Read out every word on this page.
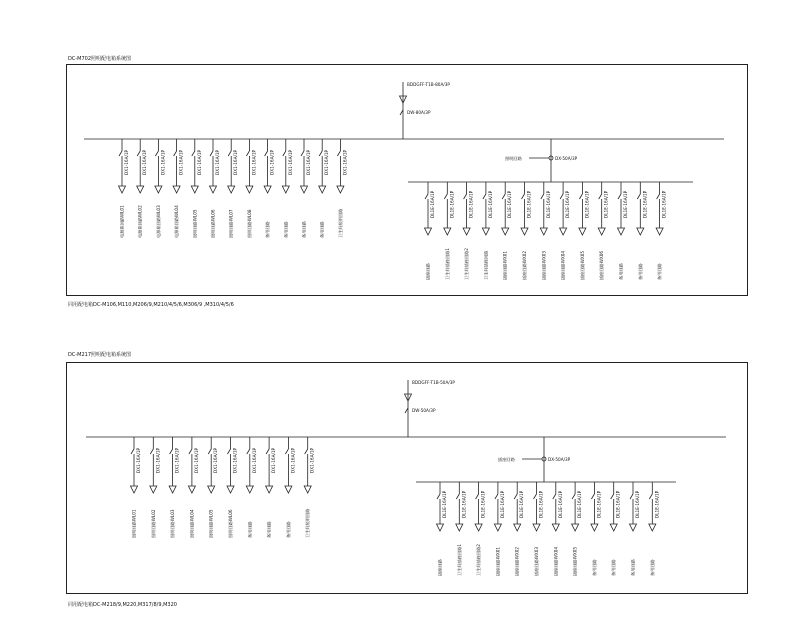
DC-M702照明配电箱系统图
同用配电箱DC-M106,M110,M206/9,M210/4/5/6,M306/9 ,M310/4/5/6
BDDGFF-T1B-80A/3P
DW-80A/3P
DX1-16A/1P
电源箱回路WL01
DX1-16A/1P
电源箱回路WL02
DX1-16A/1P
电源箱回路WL03
DX1-16A/1P
电源箱回路WL04
DX1-16A/1P
照明回路WL05
DX1-16A/1P
照明回路WL06
DX1-16A/1P
照明回路WL07
DX1-16A/1P
照明回路WL08
DX1-16A/1P
备用回路
DX1-16A/1P
备用回路
DX1-16A/1P
备用回路
DX1-16A/1P
备用回路
DX1-16A/1P
卫生间照明回路
照明回路	DX-50A/3P
DL1E-16A/1P
插座回路
DL1E-16A/1P
卫生间插座回路1
DL1E-16A/1P
卫生间插座回路2
DL1E-16A/1P
卫生间插座回路
DL1E-16A/1P
插座回路WX01
DL1E-16A/1P
插座回路WX02
DL1E-16A/1P
插座回路WX03
DL1E-16A/1P
插座回路WX04
DL1E-16A/1P
插座回路WX05
DL1E-16A/1P
插座回路WX06
DL1E-16A/1P
备用回路
DL1E-16A/1P
备用回路
DL1E-16A/1P
备用回路
DC-M217照明配电箱系统图
同用配电箱DC-M218/9,M220,M317/8/9,M320
BDDGFF-T1B-50A/3P
DW-50A/3P
DX1-16A/1P
照明回路WL01
DX1-16A/1P
照明回路WL02
DX1-16A/1P
照明回路WL03
DX1-16A/1P
照明回路WL04
DX1-16A/1P
照明回路WL05
DX1-16A/1P
照明回路WL06
DX1-16A/1P
备用回路
DX1-16A/1P
备用回路
DX1-16A/1P
备用回路
DX1-16A/1P
卫生间照明回路
插座回路	DX-50A/3P
DL1E-16A/1P
插座回路
DL1E-16A/1P
卫生间插座回路1
DL1E-16A/1P
卫生间插座回路2
DL1E-16A/1P
插座回路WX01
DL1E-16A/1P
插座回路WX02
DL1E-16A/1P
插座回路WX03
DL1E-16A/1P
插座回路WX04
DL1E-16A/1P
插座回路WX05
DL1E-16A/1P
备用回路
DL1E-16A/1P
备用回路
DL1E-16A/1P
备用回路
DL1E-16A/1P
备用回路
